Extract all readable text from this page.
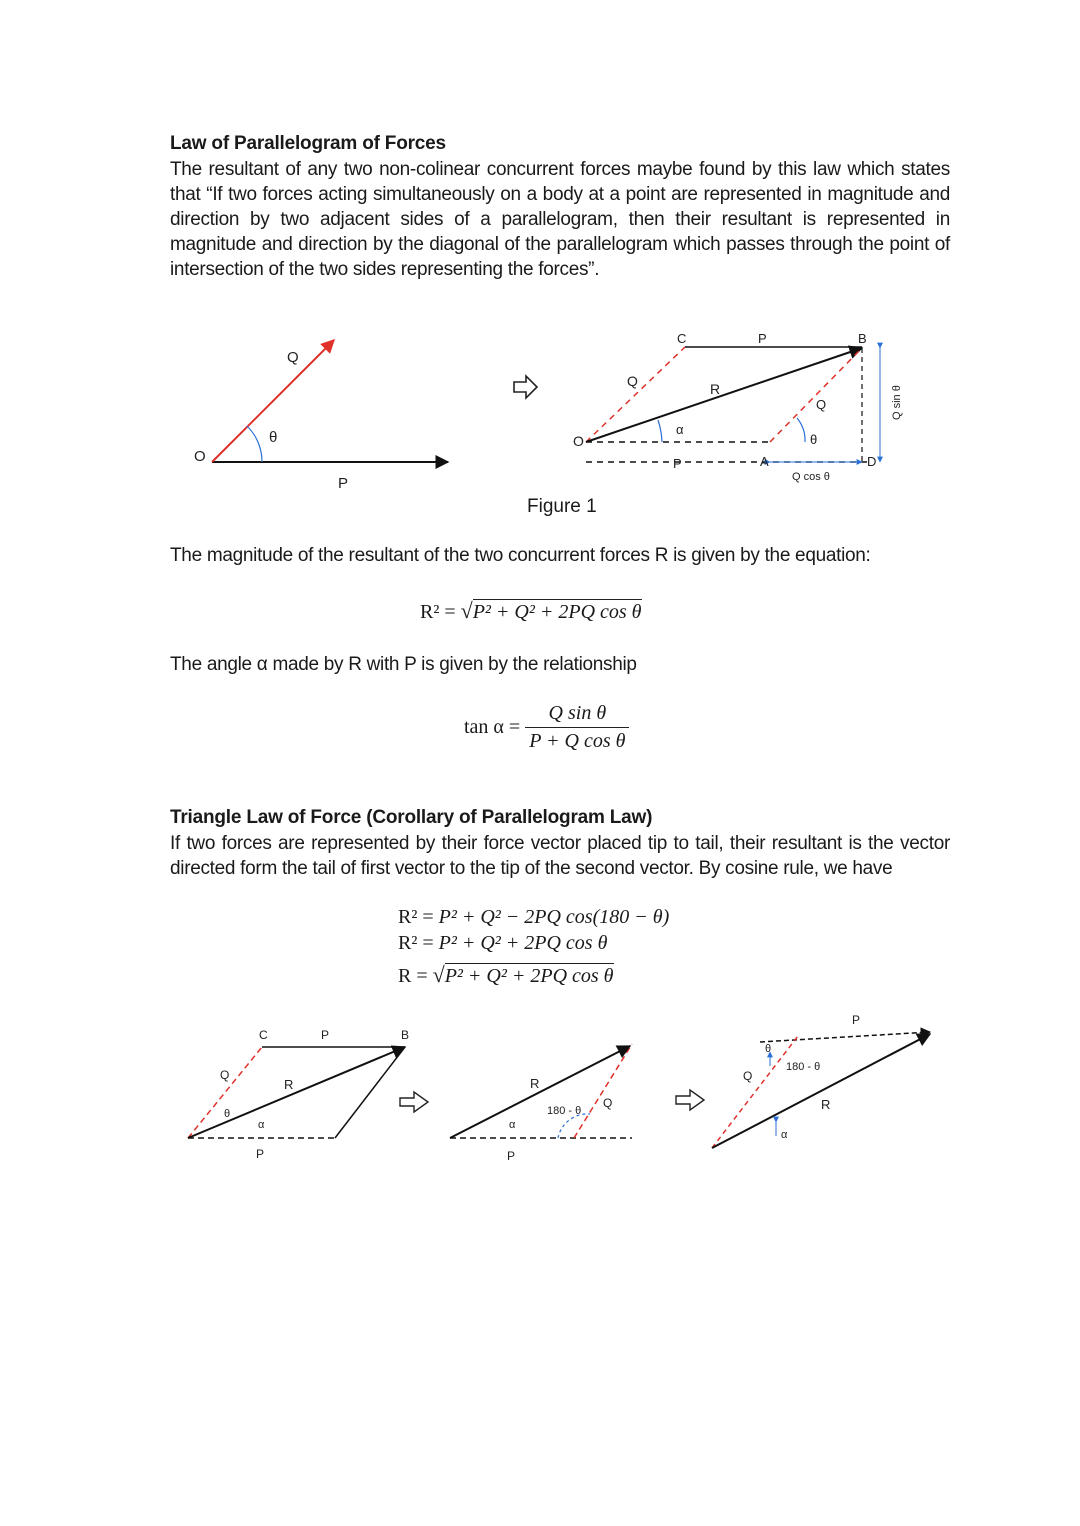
Law of Parallelogram of Forces
The resultant of any two non-colinear concurrent forces maybe found by this law which states that “If two forces acting simultaneously on a body at a point are represented in magnitude and direction by two adjacent sides of a parallelogram, then their resultant is represented in magnitude and direction by the diagonal of the parallelogram which passes through the point of intersection of the two sides representing the forces”.
O
Q
θ
P
O
C	P	B
Q	R
Q
α
θ
P	A	D
Q cos θ
Q sin θ
Figure 1
The magnitude of the resultant of the two concurrent forces R is given by the equation:
R² = √P² + Q² + 2PQ cos θ
The angle α made by R with P is given by the relationship
$\tan \alpha = \frac{\text{Q sin θ}}{\text{P + Q cos θ}}$
Triangle Law of Force (Corollary of Parallelogram Law)
If two forces are represented by their force vector placed tip to tail, their resultant is the vector directed form the tail of first vector to the tip of the second vector. By cosine rule, we have
R² = P² + Q² − 2PQ cos(180 − θ)
R² = P² + Q² + 2PQ cos θ
R = √P² + Q² + 2PQ cos θ
C	P	B
Q
R
θ
α
P
R
Q
180 - θ
α
P
P
θ
180 - θ
Q
R
α
